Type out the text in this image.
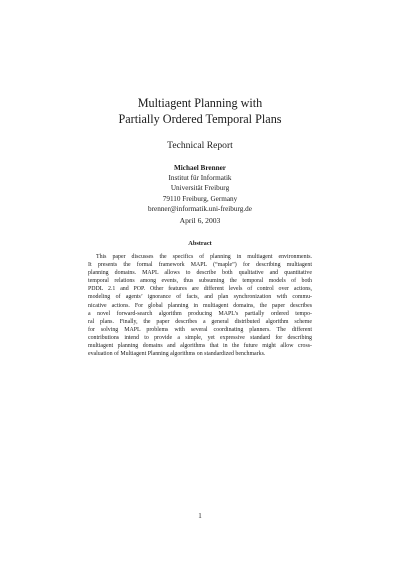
Multiagent Planning with
Partially Ordered Temporal Plans
Technical Report
Michael Brenner
Institut für Informatik
Universität Freiburg
79110 Freiburg, Germany
brenner@informatik.uni-freiburg.de
April 6, 2003
Abstract
This paper discusses the specifics of planning in multiagent environments.
It presents the formal framework MAPL (“maple”) for describing multiagent
planning domains. MAPL allows to describe both qualitative and quantitative
temporal relations among events, thus subsuming the temporal models of both
PDDL 2.1 and POP. Other features are different levels of control over actions,
modeling of agents’ ignorance of facts, and plan synchronization with commu-
nicative actions. For global planning in multiagent domains, the paper describes
a novel forward-search algorithm producing MAPL’s partially ordered tempo-
ral plans. Finally, the paper describes a general distributed algorithm scheme
for solving MAPL problems with several coordinating planners. The different
contributions intend to provide a simple, yet expressive standard for describing
multiagent planning domains and algorithms that in the future might allow cross-
evaluation of Multiagent Planning algorithms on standardized benchmarks.
1
